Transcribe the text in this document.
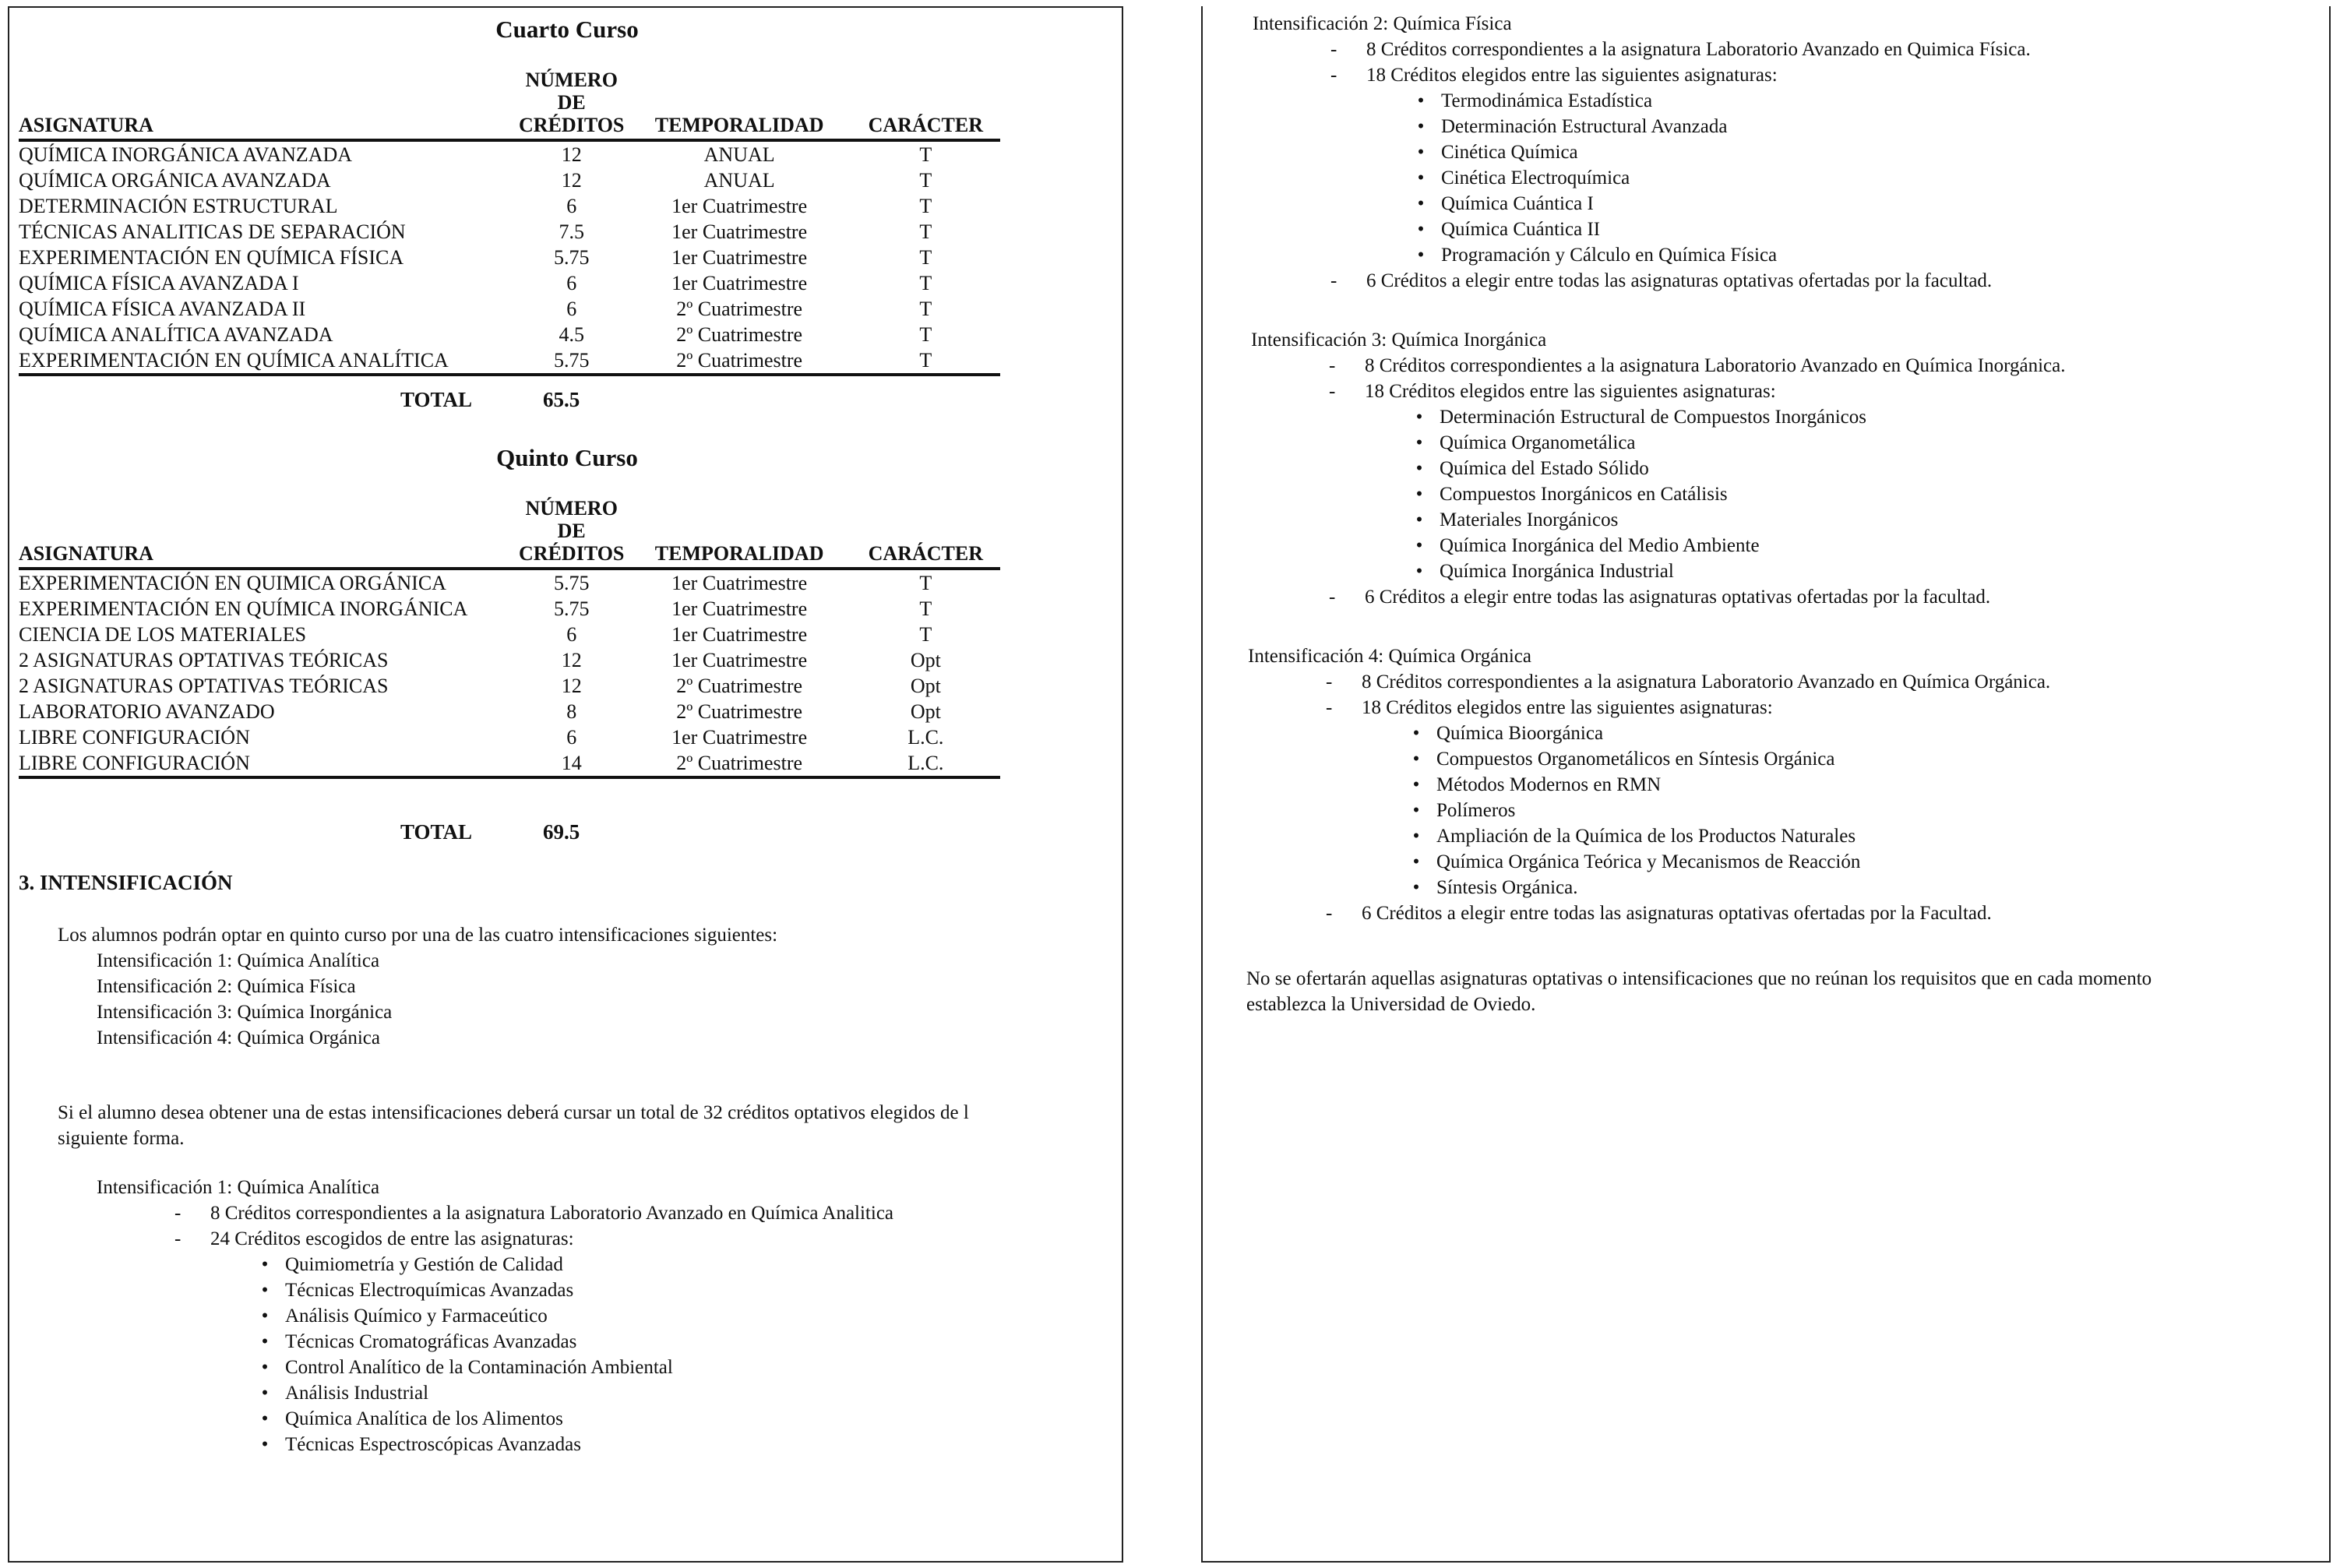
Cuarto Curso
ASIGNATURA	NÚMERO DE CRÉDITOS	TEMPORALIDAD	CARÁCTER
QUÍMICA INORGÁNICA AVANZADA	12	ANUAL	T
QUÍMICA ORGÁNICA AVANZADA	12	ANUAL	T
DETERMINACIÓN ESTRUCTURAL	6	1er Cuatrimestre	T
TÉCNICAS ANALITICAS DE SEPARACIÓN	7.5	1er Cuatrimestre	T
EXPERIMENTACIÓN EN QUÍMICA FÍSICA	5.75	1er Cuatrimestre	T
QUÍMICA FÍSICA AVANZADA I	6	1er Cuatrimestre	T
QUÍMICA FÍSICA AVANZADA II	6	2º Cuatrimestre	T
QUÍMICA ANALÍTICA AVANZADA	4.5	2º Cuatrimestre	T
EXPERIMENTACIÓN EN QUÍMICA ANALÍTICA	5.75	2º Cuatrimestre	T
TOTAL	65.5
Quinto Curso
ASIGNATURA	NÚMERO DE CRÉDITOS	TEMPORALIDAD	CARÁCTER
EXPERIMENTACIÓN EN QUIMICA ORGÁNICA	5.75	1er Cuatrimestre	T
EXPERIMENTACIÓN EN QUÍMICA INORGÁNICA	5.75	1er Cuatrimestre	T
CIENCIA DE LOS MATERIALES	6	1er Cuatrimestre	T
2 ASIGNATURAS OPTATIVAS TEÓRICAS	12	1er Cuatrimestre	Opt
2 ASIGNATURAS OPTATIVAS TEÓRICAS	12	2º Cuatrimestre	Opt
LABORATORIO AVANZADO	8	2º Cuatrimestre	Opt
LIBRE CONFIGURACIÓN	6	1er Cuatrimestre	L.C.
LIBRE CONFIGURACIÓN	14	2º Cuatrimestre	L.C.
TOTAL	69.5
3. INTENSIFICACIÓN
Los alumnos podrán optar en quinto curso por una de las cuatro intensificaciones siguientes:
Intensificación 1: Química Analítica
Intensificación 2: Química Física
Intensificación 3: Química Inorgánica
Intensificación 4: Química Orgánica
Si el alumno desea obtener una de estas intensificaciones deberá cursar un total de 32 créditos optativos elegidos de l
siguiente forma.
Intensificación 1: Química Analítica
- 8 Créditos correspondientes a la asignatura Laboratorio Avanzado en Química Analitica
- 24 Créditos escogidos de entre las asignaturas:
• Quimiometría y Gestión de Calidad
• Técnicas Electroquímicas Avanzadas
• Análisis Químico y Farmaceútico
• Técnicas Cromatográficas Avanzadas
• Control Analítico de la Contaminación Ambiental
• Análisis Industrial
• Química Analítica de los Alimentos
• Técnicas Espectroscópicas Avanzadas
Intensificación 2: Química Física
- 8 Créditos correspondientes a la asignatura Laboratorio Avanzado en Quimica Física.
- 18 Créditos elegidos entre las siguientes asignaturas:
• Termodinámica Estadística
• Determinación Estructural Avanzada
• Cinética Química
• Cinética Electroquímica
• Química Cuántica I
• Química Cuántica II
• Programación y Cálculo en Química Física
- 6 Créditos a elegir entre todas las asignaturas optativas ofertadas por la facultad.
Intensificación 3: Química Inorgánica
- 8 Créditos correspondientes a la asignatura Laboratorio Avanzado en Química Inorgánica.
- 18 Créditos elegidos entre las siguientes asignaturas:
• Determinación Estructural de Compuestos Inorgánicos
• Química Organometálica
• Química del Estado Sólido
• Compuestos Inorgánicos en Catálisis
• Materiales Inorgánicos
• Química Inorgánica del Medio Ambiente
• Química Inorgánica Industrial
- 6 Créditos a elegir entre todas las asignaturas optativas ofertadas por la facultad.
Intensificación 4: Química Orgánica
- 8 Créditos correspondientes a la asignatura Laboratorio Avanzado en Química Orgánica.
- 18 Créditos elegidos entre las siguientes asignaturas:
• Química Bioorgánica
• Compuestos Organometálicos en Síntesis Orgánica
• Métodos Modernos en RMN
• Polímeros
• Ampliación de la Química de los Productos Naturales
• Química Orgánica Teórica y Mecanismos de Reacción
• Síntesis Orgánica.
- 6 Créditos a elegir entre todas las asignaturas optativas ofertadas por la Facultad.
No se ofertarán aquellas asignaturas optativas o intensificaciones que no reúnan los requisitos que en cada momento
establezca la Universidad de Oviedo.
